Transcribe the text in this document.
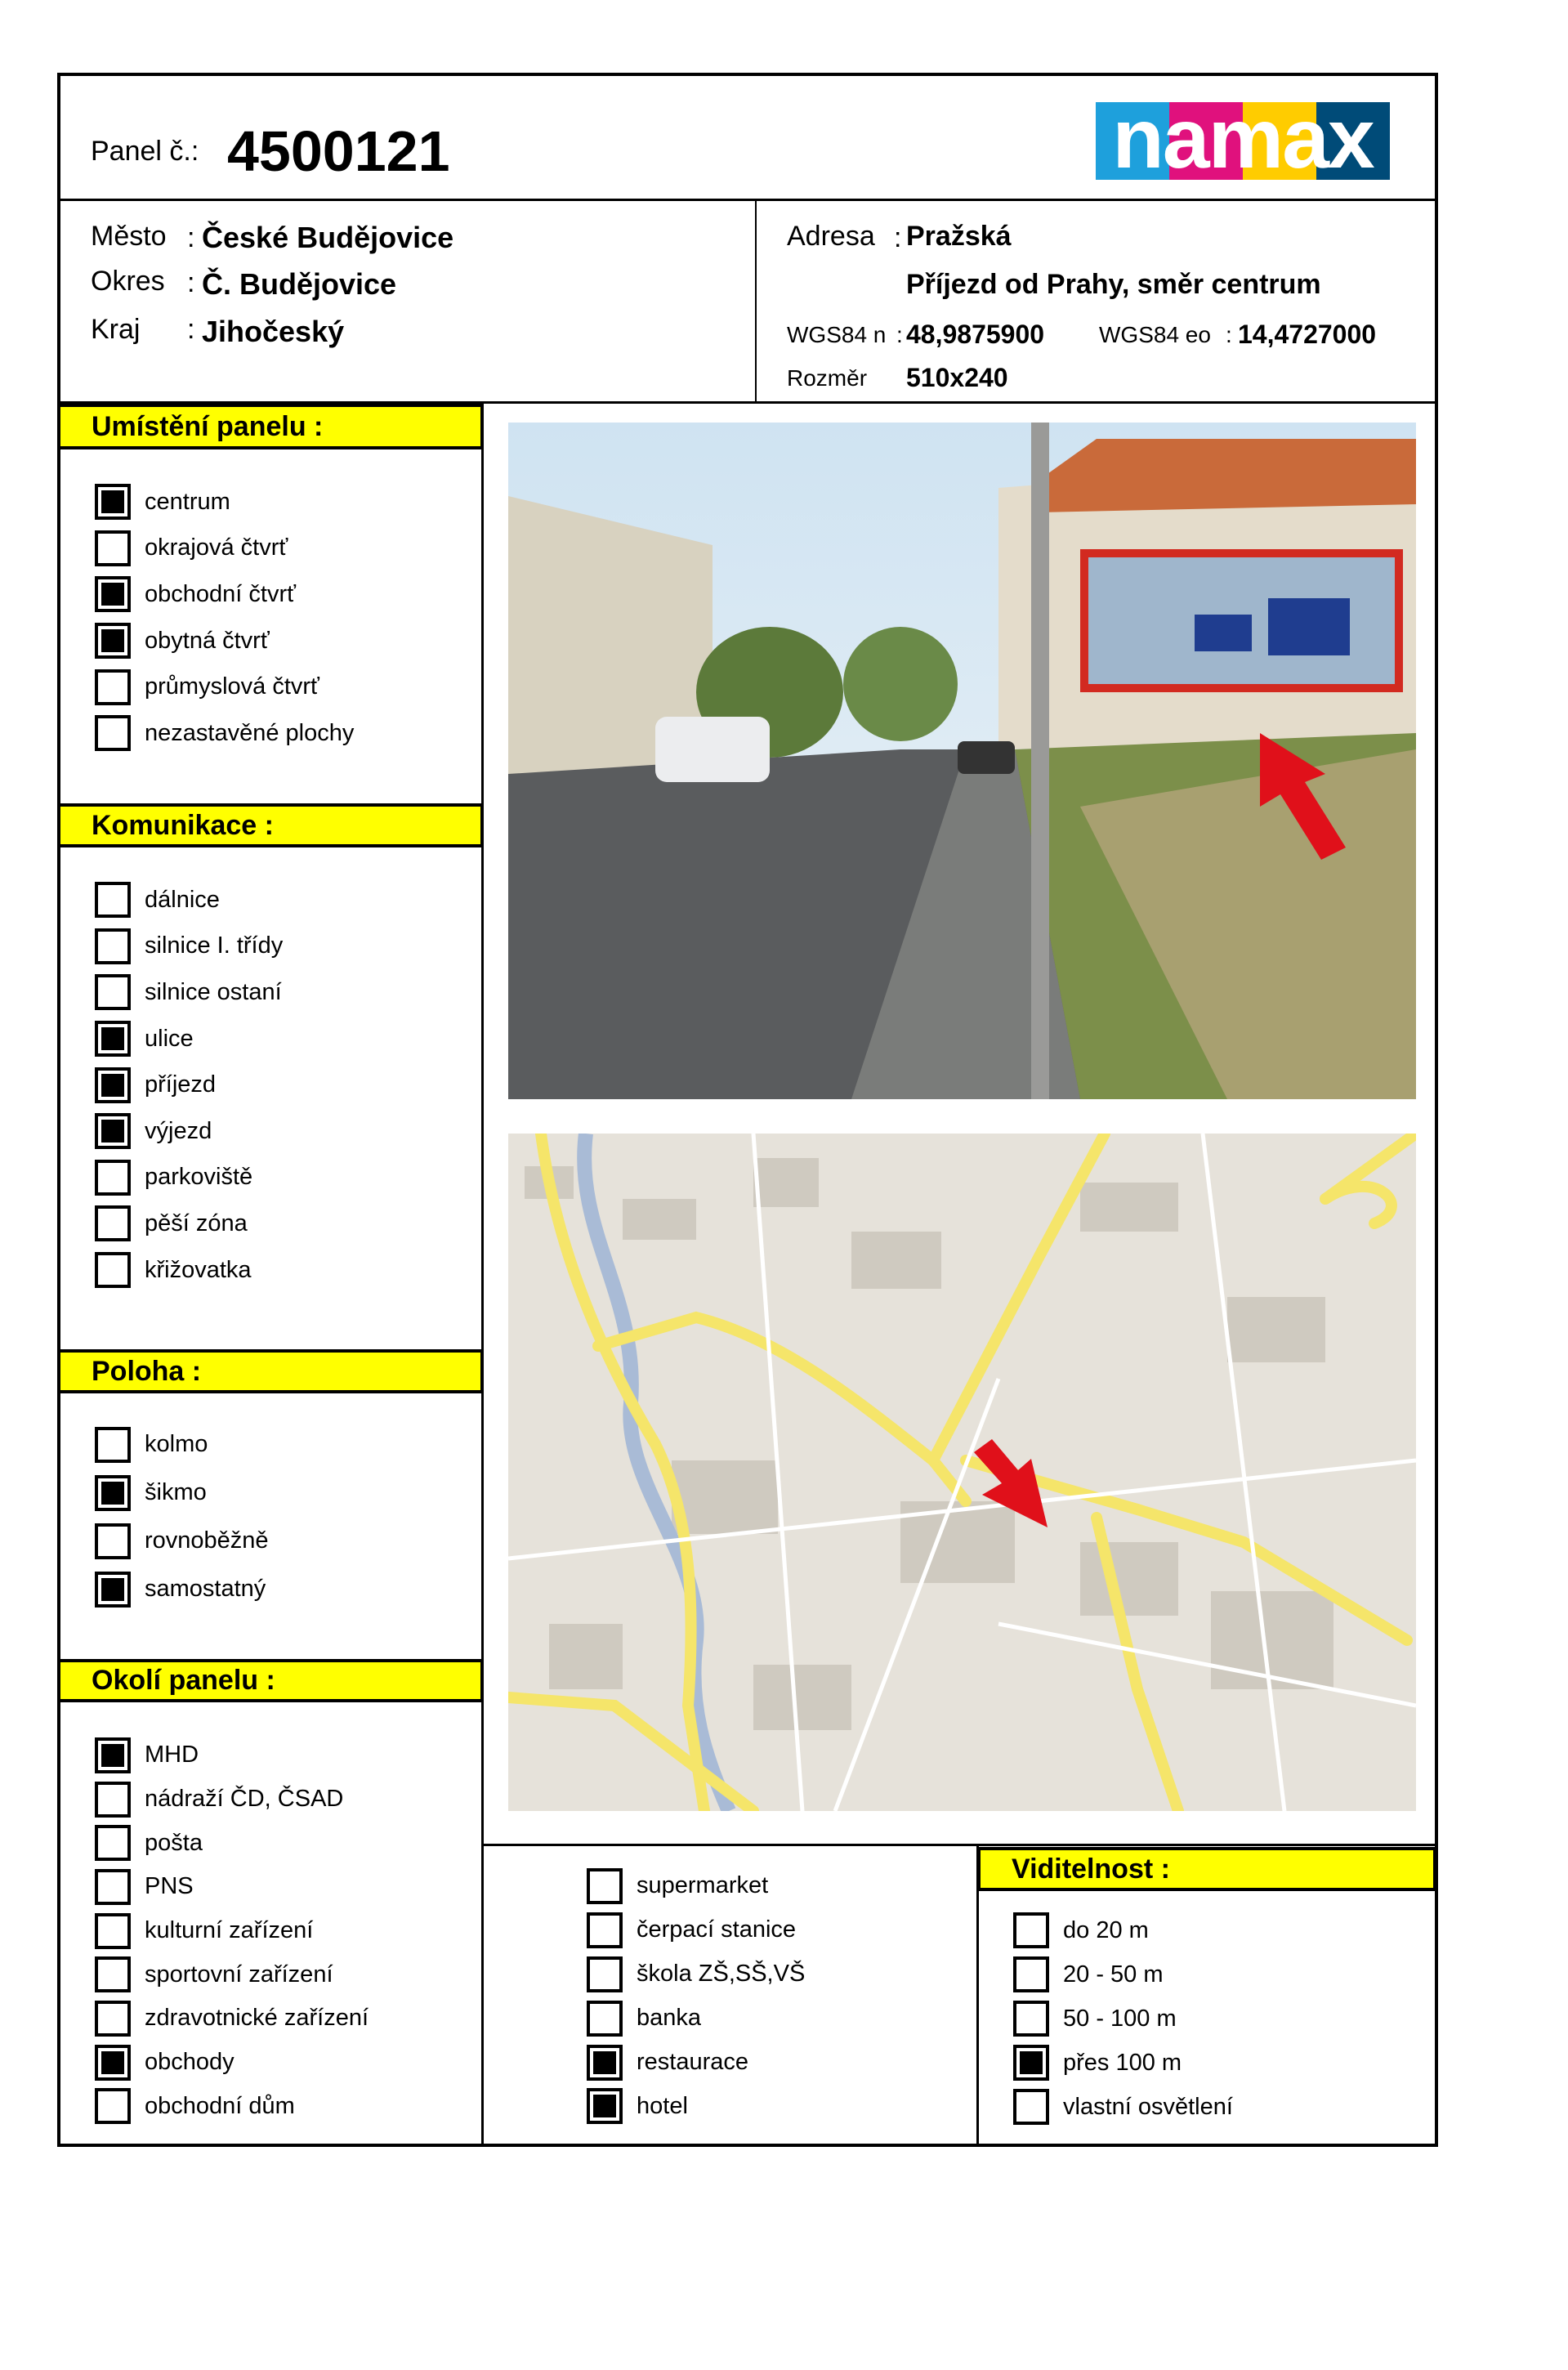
Panel č.: 4500121	namax
Město : České Budějovice
Okres : Č. Budějovice
Kraj : Jihočeský
Adresa : Pražská
Příjezd od Prahy, směr centrum
WGS84 n : 48,9875900 WGS84 eo : 14,4727000
Rozměr 510x240
Umístění panelu :
centrum
okrajová čtvrť
obchodní čtvrť
obytná čtvrť
průmyslová čtvrť
nezastavěné plochy
Komunikace :
dálnice
silnice I. třídy
silnice ostaní
ulice
příjezd
výjezd
parkoviště
pěší zóna
křižovatka
Poloha :
kolmo
šikmo
rovnoběžně
samostatný
Okolí panelu :
MHD
nádraží ČD, ČSAD
pošta
PNS
kulturní zařízení
sportovní zařízení
zdravotnické zařízení
obchody
obchodní dům
supermarket
čerpací stanice
škola ZŠ,SŠ,VŠ
banka
restaurace
hotel
Viditelnost :
do 20 m
20 - 50 m
50 - 100 m
přes 100 m
vlastní osvětlení
